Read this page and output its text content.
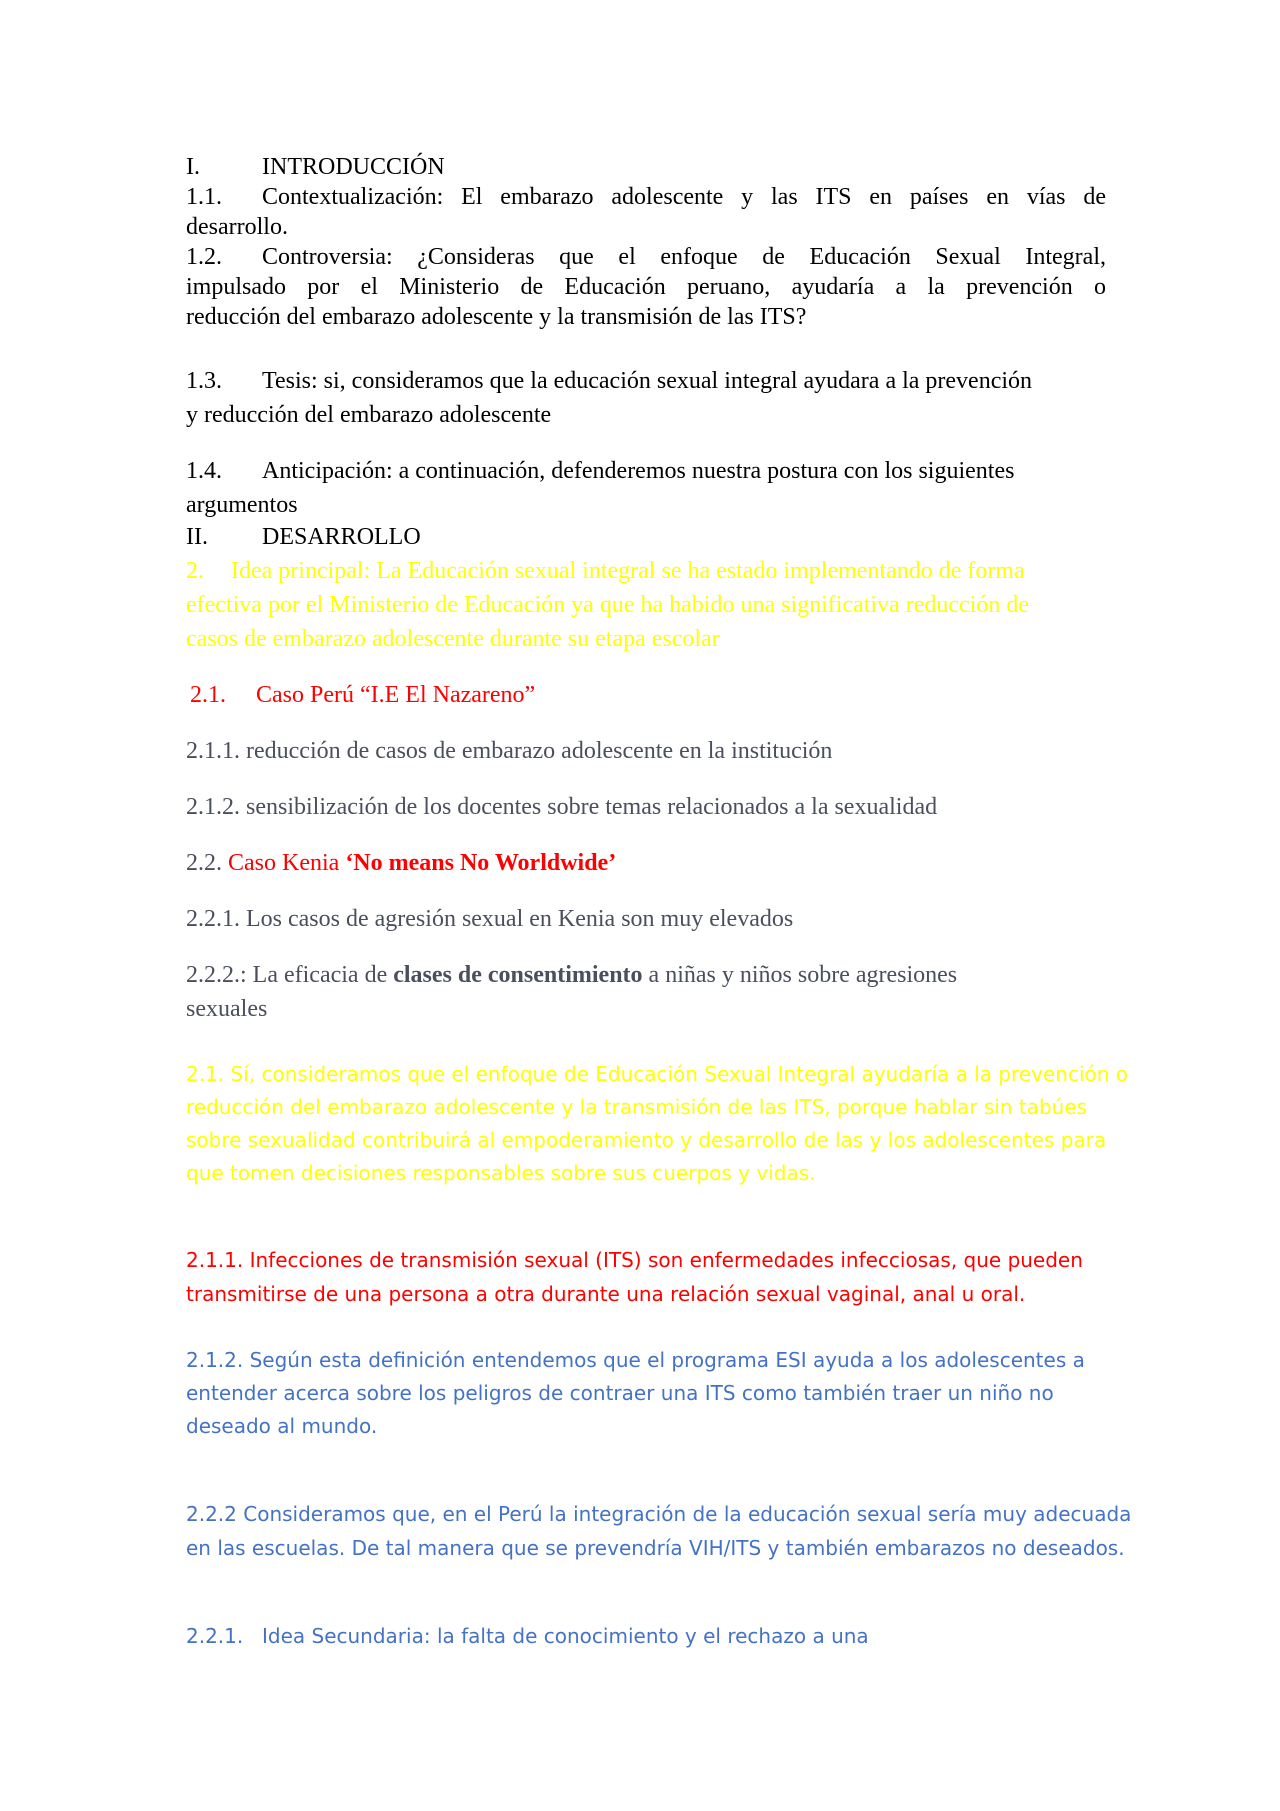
I.	INTRODUCCIÓN
1.1. Contextualización: El embarazo adolescente y las ITS en países en vías de
desarrollo.
1.2. Controversia: ¿Consideras que el enfoque de Educación Sexual Integral,
impulsado por el Ministerio de Educación peruano, ayudaría a la prevención o
reducción del embarazo adolescente y la transmisión de las ITS?
1.3. Tesis: si, consideramos que la educación sexual integral ayudara a la prevención
y reducción del embarazo adolescente
1.4. Anticipación: a continuación, defenderemos nuestra postura con los siguientes
argumentos
II. DESARROLLO
2. Idea principal: La Educación sexual integral se ha estado implementando de forma
efectiva por el Ministerio de Educación ya que ha habido una significativa reducción de
casos de embarazo adolescente durante su etapa escolar
2.1. Caso Perú “I.E El Nazareno”
2.1.1. reducción de casos de embarazo adolescente en la institución
2.1.2. sensibilización de los docentes sobre temas relacionados a la sexualidad
2.2. Caso Kenia ‘No means No Worldwide’
2.2.1. Los casos de agresión sexual en Kenia son muy elevados
2.2.2.: La eficacia de clases de consentimiento a niñas y niños sobre agresiones
sexuales
2.1. Sí, consideramos que el enfoque de Educación Sexual Integral ayudaría a la prevención o
reducción del embarazo adolescente y la transmisión de las ITS, porque hablar sin tabúes
sobre sexualidad contribuirá al empoderamiento y desarrollo de las y los adolescentes para
que tomen decisiones responsables sobre sus cuerpos y vidas.
2.1.1. Infecciones de transmisión sexual (ITS) son enfermedades infecciosas, que pueden
transmitirse de una persona a otra durante una relación sexual vaginal, anal u oral.
2.1.2. Según esta definición entendemos que el programa ESI ayuda a los adolescentes a
entender acerca sobre los peligros de contraer una ITS como también traer un niño no
deseado al mundo.
2.2.2 Consideramos que, en el Perú la integración de la educación sexual sería muy adecuada
en las escuelas. De tal manera que se prevendría VIH/ITS y también embarazos no deseados.
2.2.1. Idea Secundaria: la falta de conocimiento y el rechazo a una
